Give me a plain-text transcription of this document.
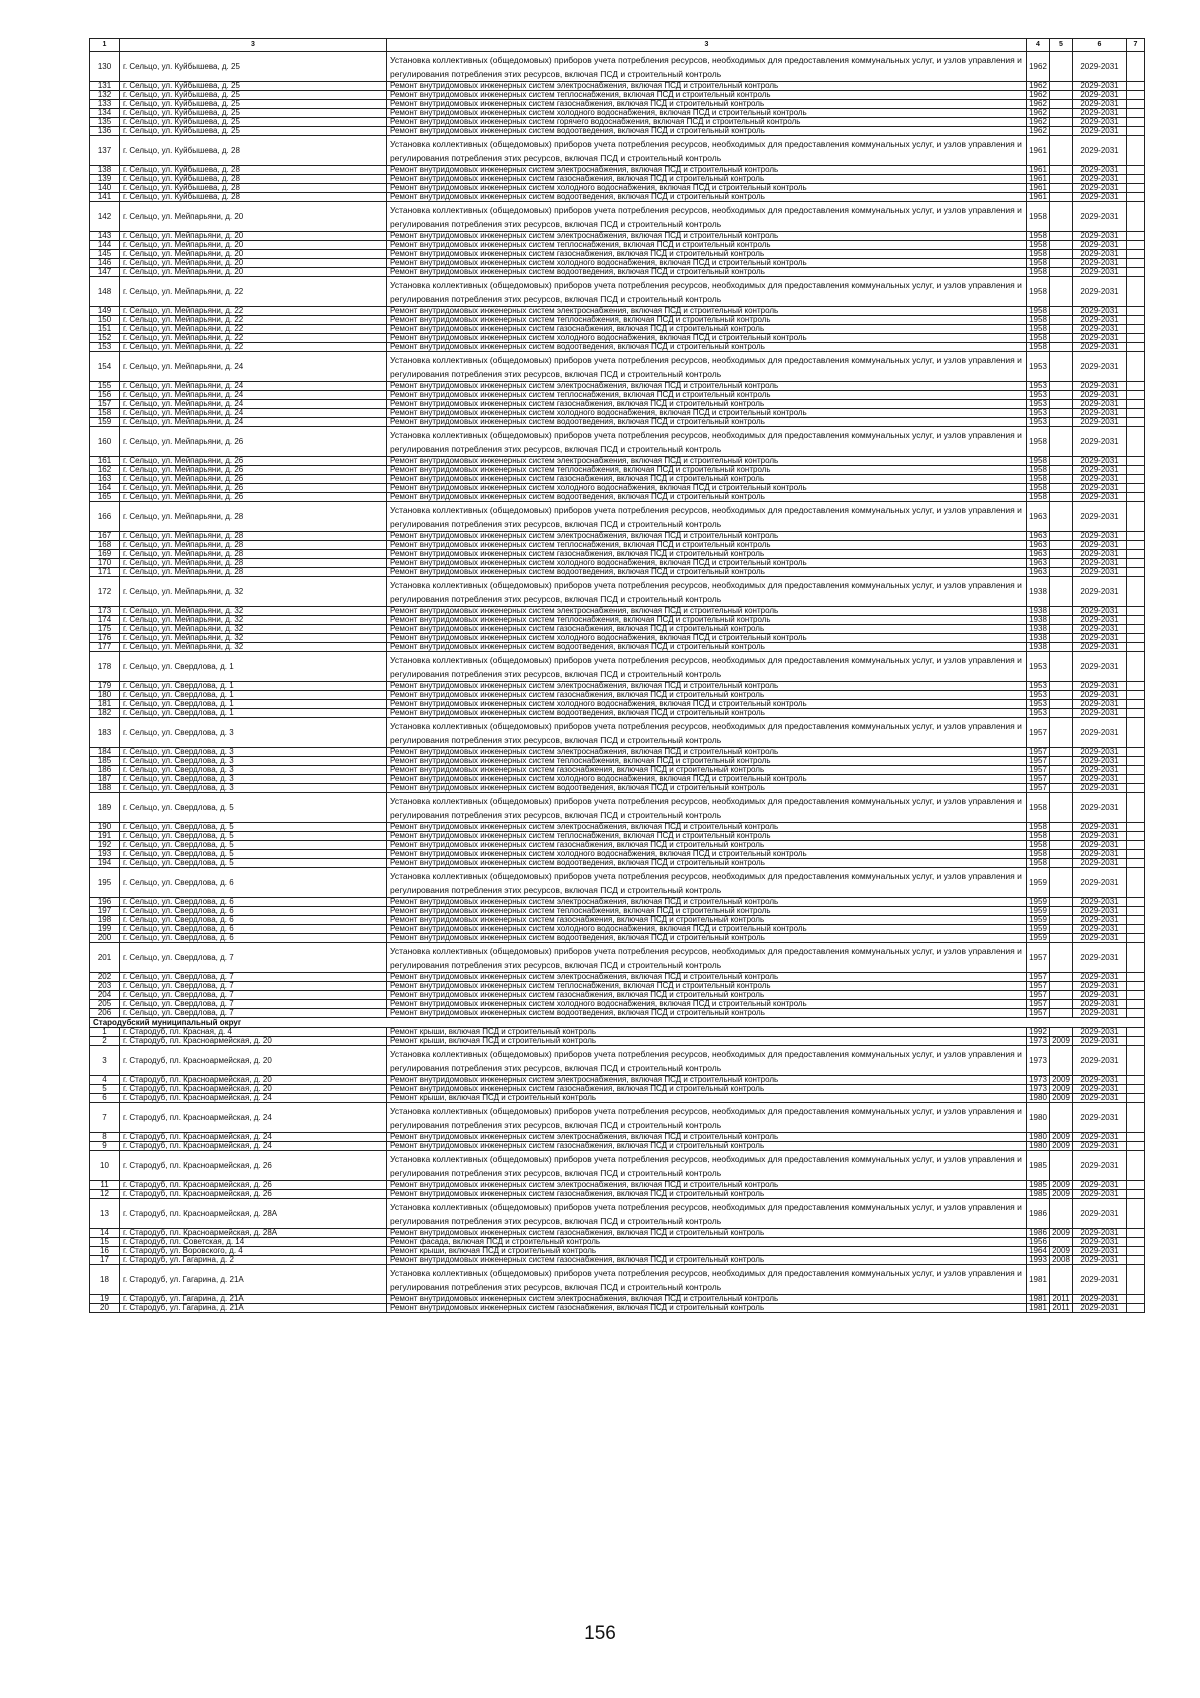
1	3	3	4	5	6	7
130	г. Сельцо, ул. Куйбышева, д. 25	Установка коллективных (общедомовых) приборов учета потребления ресурсов, необходимых для предоставления коммунальных услуг, и узлов управления и регулирования потребления этих ресурсов, включая ПСД и строительный контроль	1962		2029-2031	
131	г. Сельцо, ул. Куйбышева, д. 25	Ремонт внутридомовых инженерных систем электроснабжения, включая ПСД и строительный контроль	1962		2029-2031	
132	г. Сельцо, ул. Куйбышева, д. 25	Ремонт внутридомовых инженерных систем теплоснабжения, включая ПСД и строительный контроль	1962		2029-2031	
133	г. Сельцо, ул. Куйбышева, д. 25	Ремонт внутридомовых инженерных систем газоснабжения, включая ПСД и строительный контроль	1962		2029-2031	
134	г. Сельцо, ул. Куйбышева, д. 25	Ремонт внутридомовых инженерных систем холодного водоснабжения, включая ПСД и строительный контроль	1962		2029-2031	
135	г. Сельцо, ул. Куйбышева, д. 25	Ремонт внутридомовых инженерных систем горячего водоснабжения, включая ПСД и строительный контроль	1962		2029-2031	
136	г. Сельцо, ул. Куйбышева, д. 25	Ремонт внутридомовых инженерных систем водоотведения, включая ПСД и строительный контроль	1962		2029-2031	
137	г. Сельцо, ул. Куйбышева, д. 28	Установка коллективных (общедомовых) приборов учета потребления ресурсов, необходимых для предоставления коммунальных услуг, и узлов управления и регулирования потребления этих ресурсов, включая ПСД и строительный контроль	1961		2029-2031	
138	г. Сельцо, ул. Куйбышева, д. 28	Ремонт внутридомовых инженерных систем электроснабжения, включая ПСД и строительный контроль	1961		2029-2031	
139	г. Сельцо, ул. Куйбышева, д. 28	Ремонт внутридомовых инженерных систем газоснабжения, включая ПСД и строительный контроль	1961		2029-2031	
140	г. Сельцо, ул. Куйбышева, д. 28	Ремонт внутридомовых инженерных систем холодного водоснабжения, включая ПСД и строительный контроль	1961		2029-2031	
141	г. Сельцо, ул. Куйбышева, д. 28	Ремонт внутридомовых инженерных систем водоотведения, включая ПСД и строительный контроль	1961		2029-2031	
142	г. Сельцо, ул. Мейпарьяни, д. 20	Установка коллективных (общедомовых) приборов учета потребления ресурсов, необходимых для предоставления коммунальных услуг, и узлов управления и регулирования потребления этих ресурсов, включая ПСД и строительный контроль	1958		2029-2031	
143	г. Сельцо, ул. Мейпарьяни, д. 20	Ремонт внутридомовых инженерных систем электроснабжения, включая ПСД и строительный контроль	1958		2029-2031	
144	г. Сельцо, ул. Мейпарьяни, д. 20	Ремонт внутридомовых инженерных систем теплоснабжения, включая ПСД и строительный контроль	1958		2029-2031	
145	г. Сельцо, ул. Мейпарьяни, д. 20	Ремонт внутридомовых инженерных систем газоснабжения, включая ПСД и строительный контроль	1958		2029-2031	
146	г. Сельцо, ул. Мейпарьяни, д. 20	Ремонт внутридомовых инженерных систем холодного водоснабжения, включая ПСД и строительный контроль	1958		2029-2031	
147	г. Сельцо, ул. Мейпарьяни, д. 20	Ремонт внутридомовых инженерных систем водоотведения, включая ПСД и строительный контроль	1958		2029-2031	
148	г. Сельцо, ул. Мейпарьяни, д. 22	Установка коллективных (общедомовых) приборов учета потребления ресурсов, необходимых для предоставления коммунальных услуг, и узлов управления и регулирования потребления этих ресурсов, включая ПСД и строительный контроль	1958		2029-2031	
149	г. Сельцо, ул. Мейпарьяни, д. 22	Ремонт внутридомовых инженерных систем электроснабжения, включая ПСД и строительный контроль	1958		2029-2031	
150	г. Сельцо, ул. Мейпарьяни, д. 22	Ремонт внутридомовых инженерных систем теплоснабжения, включая ПСД и строительный контроль	1958		2029-2031	
151	г. Сельцо, ул. Мейпарьяни, д. 22	Ремонт внутридомовых инженерных систем газоснабжения, включая ПСД и строительный контроль	1958		2029-2031	
152	г. Сельцо, ул. Мейпарьяни, д. 22	Ремонт внутридомовых инженерных систем холодного водоснабжения, включая ПСД и строительный контроль	1958		2029-2031	
153	г. Сельцо, ул. Мейпарьяни, д. 22	Ремонт внутридомовых инженерных систем водоотведения, включая ПСД и строительный контроль	1958		2029-2031	
154	г. Сельцо, ул. Мейпарьяни, д. 24	Установка коллективных (общедомовых) приборов учета потребления ресурсов, необходимых для предоставления коммунальных услуг, и узлов управления и регулирования потребления этих ресурсов, включая ПСД и строительный контроль	1953		2029-2031	
155	г. Сельцо, ул. Мейпарьяни, д. 24	Ремонт внутридомовых инженерных систем электроснабжения, включая ПСД и строительный контроль	1953		2029-2031	
156	г. Сельцо, ул. Мейпарьяни, д. 24	Ремонт внутридомовых инженерных систем теплоснабжения, включая ПСД и строительный контроль	1953		2029-2031	
157	г. Сельцо, ул. Мейпарьяни, д. 24	Ремонт внутридомовых инженерных систем газоснабжения, включая ПСД и строительный контроль	1953		2029-2031	
158	г. Сельцо, ул. Мейпарьяни, д. 24	Ремонт внутридомовых инженерных систем холодного водоснабжения, включая ПСД и строительный контроль	1953		2029-2031	
159	г. Сельцо, ул. Мейпарьяни, д. 24	Ремонт внутридомовых инженерных систем водоотведения, включая ПСД и строительный контроль	1953		2029-2031	
160	г. Сельцо, ул. Мейпарьяни, д. 26	Установка коллективных (общедомовых) приборов учета потребления ресурсов, необходимых для предоставления коммунальных услуг, и узлов управления и регулирования потребления этих ресурсов, включая ПСД и строительный контроль	1958		2029-2031	
161	г. Сельцо, ул. Мейпарьяни, д. 26	Ремонт внутридомовых инженерных систем электроснабжения, включая ПСД и строительный контроль	1958		2029-2031	
162	г. Сельцо, ул. Мейпарьяни, д. 26	Ремонт внутридомовых инженерных систем теплоснабжения, включая ПСД и строительный контроль	1958		2029-2031	
163	г. Сельцо, ул. Мейпарьяни, д. 26	Ремонт внутридомовых инженерных систем газоснабжения, включая ПСД и строительный контроль	1958		2029-2031	
164	г. Сельцо, ул. Мейпарьяни, д. 26	Ремонт внутридомовых инженерных систем холодного водоснабжения, включая ПСД и строительный контроль	1958		2029-2031	
165	г. Сельцо, ул. Мейпарьяни, д. 26	Ремонт внутридомовых инженерных систем водоотведения, включая ПСД и строительный контроль	1958		2029-2031	
166	г. Сельцо, ул. Мейпарьяни, д. 28	Установка коллективных (общедомовых) приборов учета потребления ресурсов, необходимых для предоставления коммунальных услуг, и узлов управления и регулирования потребления этих ресурсов, включая ПСД и строительный контроль	1963		2029-2031	
167	г. Сельцо, ул. Мейпарьяни, д. 28	Ремонт внутридомовых инженерных систем электроснабжения, включая ПСД и строительный контроль	1963		2029-2031	
168	г. Сельцо, ул. Мейпарьяни, д. 28	Ремонт внутридомовых инженерных систем теплоснабжения, включая ПСД и строительный контроль	1963		2029-2031	
169	г. Сельцо, ул. Мейпарьяни, д. 28	Ремонт внутридомовых инженерных систем газоснабжения, включая ПСД и строительный контроль	1963		2029-2031	
170	г. Сельцо, ул. Мейпарьяни, д. 28	Ремонт внутридомовых инженерных систем холодного водоснабжения, включая ПСД и строительный контроль	1963		2029-2031	
171	г. Сельцо, ул. Мейпарьяни, д. 28	Ремонт внутридомовых инженерных систем водоотведения, включая ПСД и строительный контроль	1963		2029-2031	
172	г. Сельцо, ул. Мейпарьяни, д. 32	Установка коллективных (общедомовых) приборов учета потребления ресурсов, необходимых для предоставления коммунальных услуг, и узлов управления и регулирования потребления этих ресурсов, включая ПСД и строительный контроль	1938		2029-2031	
173	г. Сельцо, ул. Мейпарьяни, д. 32	Ремонт внутридомовых инженерных систем электроснабжения, включая ПСД и строительный контроль	1938		2029-2031	
174	г. Сельцо, ул. Мейпарьяни, д. 32	Ремонт внутридомовых инженерных систем теплоснабжения, включая ПСД и строительный контроль	1938		2029-2031	
175	г. Сельцо, ул. Мейпарьяни, д. 32	Ремонт внутридомовых инженерных систем газоснабжения, включая ПСД и строительный контроль	1938		2029-2031	
176	г. Сельцо, ул. Мейпарьяни, д. 32	Ремонт внутридомовых инженерных систем холодного водоснабжения, включая ПСД и строительный контроль	1938		2029-2031	
177	г. Сельцо, ул. Мейпарьяни, д. 32	Ремонт внутридомовых инженерных систем водоотведения, включая ПСД и строительный контроль	1938		2029-2031	
178	г. Сельцо, ул. Свердлова, д. 1	Установка коллективных (общедомовых) приборов учета потребления ресурсов, необходимых для предоставления коммунальных услуг, и узлов управления и регулирования потребления этих ресурсов, включая ПСД и строительный контроль	1953		2029-2031	
179	г. Сельцо, ул. Свердлова, д. 1	Ремонт внутридомовых инженерных систем электроснабжения, включая ПСД и строительный контроль	1953		2029-2031	
180	г. Сельцо, ул. Свердлова, д. 1	Ремонт внутридомовых инженерных систем газоснабжения, включая ПСД и строительный контроль	1953		2029-2031	
181	г. Сельцо, ул. Свердлова, д. 1	Ремонт внутридомовых инженерных систем холодного водоснабжения, включая ПСД и строительный контроль	1953		2029-2031	
182	г. Сельцо, ул. Свердлова, д. 1	Ремонт внутридомовых инженерных систем водоотведения, включая ПСД и строительный контроль	1953		2029-2031	
183	г. Сельцо, ул. Свердлова, д. 3	Установка коллективных (общедомовых) приборов учета потребления ресурсов, необходимых для предоставления коммунальных услуг, и узлов управления и регулирования потребления этих ресурсов, включая ПСД и строительный контроль	1957		2029-2031	
184	г. Сельцо, ул. Свердлова, д. 3	Ремонт внутридомовых инженерных систем электроснабжения, включая ПСД и строительный контроль	1957		2029-2031	
185	г. Сельцо, ул. Свердлова, д. 3	Ремонт внутридомовых инженерных систем теплоснабжения, включая ПСД и строительный контроль	1957		2029-2031	
186	г. Сельцо, ул. Свердлова, д. 3	Ремонт внутридомовых инженерных систем газоснабжения, включая ПСД и строительный контроль	1957		2029-2031	
187	г. Сельцо, ул. Свердлова, д. 3	Ремонт внутридомовых инженерных систем холодного водоснабжения, включая ПСД и строительный контроль	1957		2029-2031	
188	г. Сельцо, ул. Свердлова, д. 3	Ремонт внутридомовых инженерных систем водоотведения, включая ПСД и строительный контроль	1957		2029-2031	
189	г. Сельцо, ул. Свердлова, д. 5	Установка коллективных (общедомовых) приборов учета потребления ресурсов, необходимых для предоставления коммунальных услуг, и узлов управления и регулирования потребления этих ресурсов, включая ПСД и строительный контроль	1958		2029-2031	
190	г. Сельцо, ул. Свердлова, д. 5	Ремонт внутридомовых инженерных систем электроснабжения, включая ПСД и строительный контроль	1958		2029-2031	
191	г. Сельцо, ул. Свердлова, д. 5	Ремонт внутридомовых инженерных систем теплоснабжения, включая ПСД и строительный контроль	1958		2029-2031	
192	г. Сельцо, ул. Свердлова, д. 5	Ремонт внутридомовых инженерных систем газоснабжения, включая ПСД и строительный контроль	1958		2029-2031	
193	г. Сельцо, ул. Свердлова, д. 5	Ремонт внутридомовых инженерных систем холодного водоснабжения, включая ПСД и строительный контроль	1958		2029-2031	
194	г. Сельцо, ул. Свердлова, д. 5	Ремонт внутридомовых инженерных систем водоотведения, включая ПСД и строительный контроль	1958		2029-2031	
195	г. Сельцо, ул. Свердлова, д. 6	Установка коллективных (общедомовых) приборов учета потребления ресурсов, необходимых для предоставления коммунальных услуг, и узлов управления и регулирования потребления этих ресурсов, включая ПСД и строительный контроль	1959		2029-2031	
196	г. Сельцо, ул. Свердлова, д. 6	Ремонт внутридомовых инженерных систем электроснабжения, включая ПСД и строительный контроль	1959		2029-2031	
197	г. Сельцо, ул. Свердлова, д. 6	Ремонт внутридомовых инженерных систем теплоснабжения, включая ПСД и строительный контроль	1959		2029-2031	
198	г. Сельцо, ул. Свердлова, д. 6	Ремонт внутридомовых инженерных систем газоснабжения, включая ПСД и строительный контроль	1959		2029-2031	
199	г. Сельцо, ул. Свердлова, д. 6	Ремонт внутридомовых инженерных систем холодного водоснабжения, включая ПСД и строительный контроль	1959		2029-2031	
200	г. Сельцо, ул. Свердлова, д. 6	Ремонт внутридомовых инженерных систем водоотведения, включая ПСД и строительный контроль	1959		2029-2031	
201	г. Сельцо, ул. Свердлова, д. 7	Установка коллективных (общедомовых) приборов учета потребления ресурсов, необходимых для предоставления коммунальных услуг, и узлов управления и регулирования потребления этих ресурсов, включая ПСД и строительный контроль	1957		2029-2031	
202	г. Сельцо, ул. Свердлова, д. 7	Ремонт внутридомовых инженерных систем электроснабжения, включая ПСД и строительный контроль	1957		2029-2031	
203	г. Сельцо, ул. Свердлова, д. 7	Ремонт внутридомовых инженерных систем теплоснабжения, включая ПСД и строительный контроль	1957		2029-2031	
204	г. Сельцо, ул. Свердлова, д. 7	Ремонт внутридомовых инженерных систем газоснабжения, включая ПСД и строительный контроль	1957		2029-2031	
205	г. Сельцо, ул. Свердлова, д. 7	Ремонт внутридомовых инженерных систем холодного водоснабжения, включая ПСД и строительный контроль	1957		2029-2031	
206	г. Сельцо, ул. Свердлова, д. 7	Ремонт внутридомовых инженерных систем водоотведения, включая ПСД и строительный контроль	1957		2029-2031	
Стародубский муниципальный округ						
1	г. Стародуб, пл. Красная, д. 4	Ремонт крыши, включая ПСД и строительный контроль	1992		2029-2031	
2	г. Стародуб, пл. Красноармейская, д. 20	Ремонт крыши, включая ПСД и строительный контроль	1973	2009	2029-2031	
3	г. Стародуб, пл. Красноармейская, д. 20	Установка коллективных (общедомовых) приборов учета потребления ресурсов, необходимых для предоставления коммунальных услуг, и узлов управления и регулирования потребления этих ресурсов, включая ПСД и строительный контроль	1973		2029-2031	
4	г. Стародуб, пл. Красноармейская, д. 20	Ремонт внутридомовых инженерных систем электроснабжения, включая ПСД и строительный контроль	1973	2009	2029-2031	
5	г. Стародуб, пл. Красноармейская, д. 20	Ремонт внутридомовых инженерных систем газоснабжения, включая ПСД и строительный контроль	1973	2009	2029-2031	
6	г. Стародуб, пл. Красноармейская, д. 24	Ремонт крыши, включая ПСД и строительный контроль	1980	2009	2029-2031	
7	г. Стародуб, пл. Красноармейская, д. 24	Установка коллективных (общедомовых) приборов учета потребления ресурсов, необходимых для предоставления коммунальных услуг, и узлов управления и регулирования потребления этих ресурсов, включая ПСД и строительный контроль	1980		2029-2031	
8	г. Стародуб, пл. Красноармейская, д. 24	Ремонт внутридомовых инженерных систем электроснабжения, включая ПСД и строительный контроль	1980	2009	2029-2031	
9	г. Стародуб, пл. Красноармейская, д. 24	Ремонт внутридомовых инженерных систем газоснабжения, включая ПСД и строительный контроль	1980	2009	2029-2031	
10	г. Стародуб, пл. Красноармейская, д. 26	Установка коллективных (общедомовых) приборов учета потребления ресурсов, необходимых для предоставления коммунальных услуг, и узлов управления и регулирования потребления этих ресурсов, включая ПСД и строительный контроль	1985		2029-2031	
11	г. Стародуб, пл. Красноармейская, д. 26	Ремонт внутридомовых инженерных систем электроснабжения, включая ПСД и строительный контроль	1985	2009	2029-2031	
12	г. Стародуб, пл. Красноармейская, д. 26	Ремонт внутридомовых инженерных систем газоснабжения, включая ПСД и строительный контроль	1985	2009	2029-2031	
13	г. Стародуб, пл. Красноармейская, д. 28А	Установка коллективных (общедомовых) приборов учета потребления ресурсов, необходимых для предоставления коммунальных услуг, и узлов управления и регулирования потребления этих ресурсов, включая ПСД и строительный контроль	1986		2029-2031	
14	г. Стародуб, пл. Красноармейская, д. 28А	Ремонт внутридомовых инженерных систем газоснабжения, включая ПСД и строительный контроль	1986	2009	2029-2031	
15	г. Стародуб, пл. Советская, д. 14	Ремонт фасада, включая ПСД и строительный контроль	1956		2029-2031	
16	г. Стародуб, ул. Воровского, д. 4	Ремонт крыши, включая ПСД и строительный контроль	1964	2009	2029-2031	
17	г. Стародуб, ул. Гагарина, д. 2	Ремонт внутридомовых инженерных систем газоснабжения, включая ПСД и строительный контроль	1993	2008	2029-2031	
18	г. Стародуб, ул. Гагарина, д. 21А	Установка коллективных (общедомовых) приборов учета потребления ресурсов, необходимых для предоставления коммунальных услуг, и узлов управления и регулирования потребления этих ресурсов, включая ПСД и строительный контроль	1981		2029-2031	
19	г. Стародуб, ул. Гагарина, д. 21А	Ремонт внутридомовых инженерных систем электроснабжения, включая ПСД и строительный контроль	1981	2011	2029-2031	
20	г. Стародуб, ул. Гагарина, д. 21А	Ремонт внутридомовых инженерных систем газоснабжения, включая ПСД и строительный контроль	1981	2011	2029-2031	
156
